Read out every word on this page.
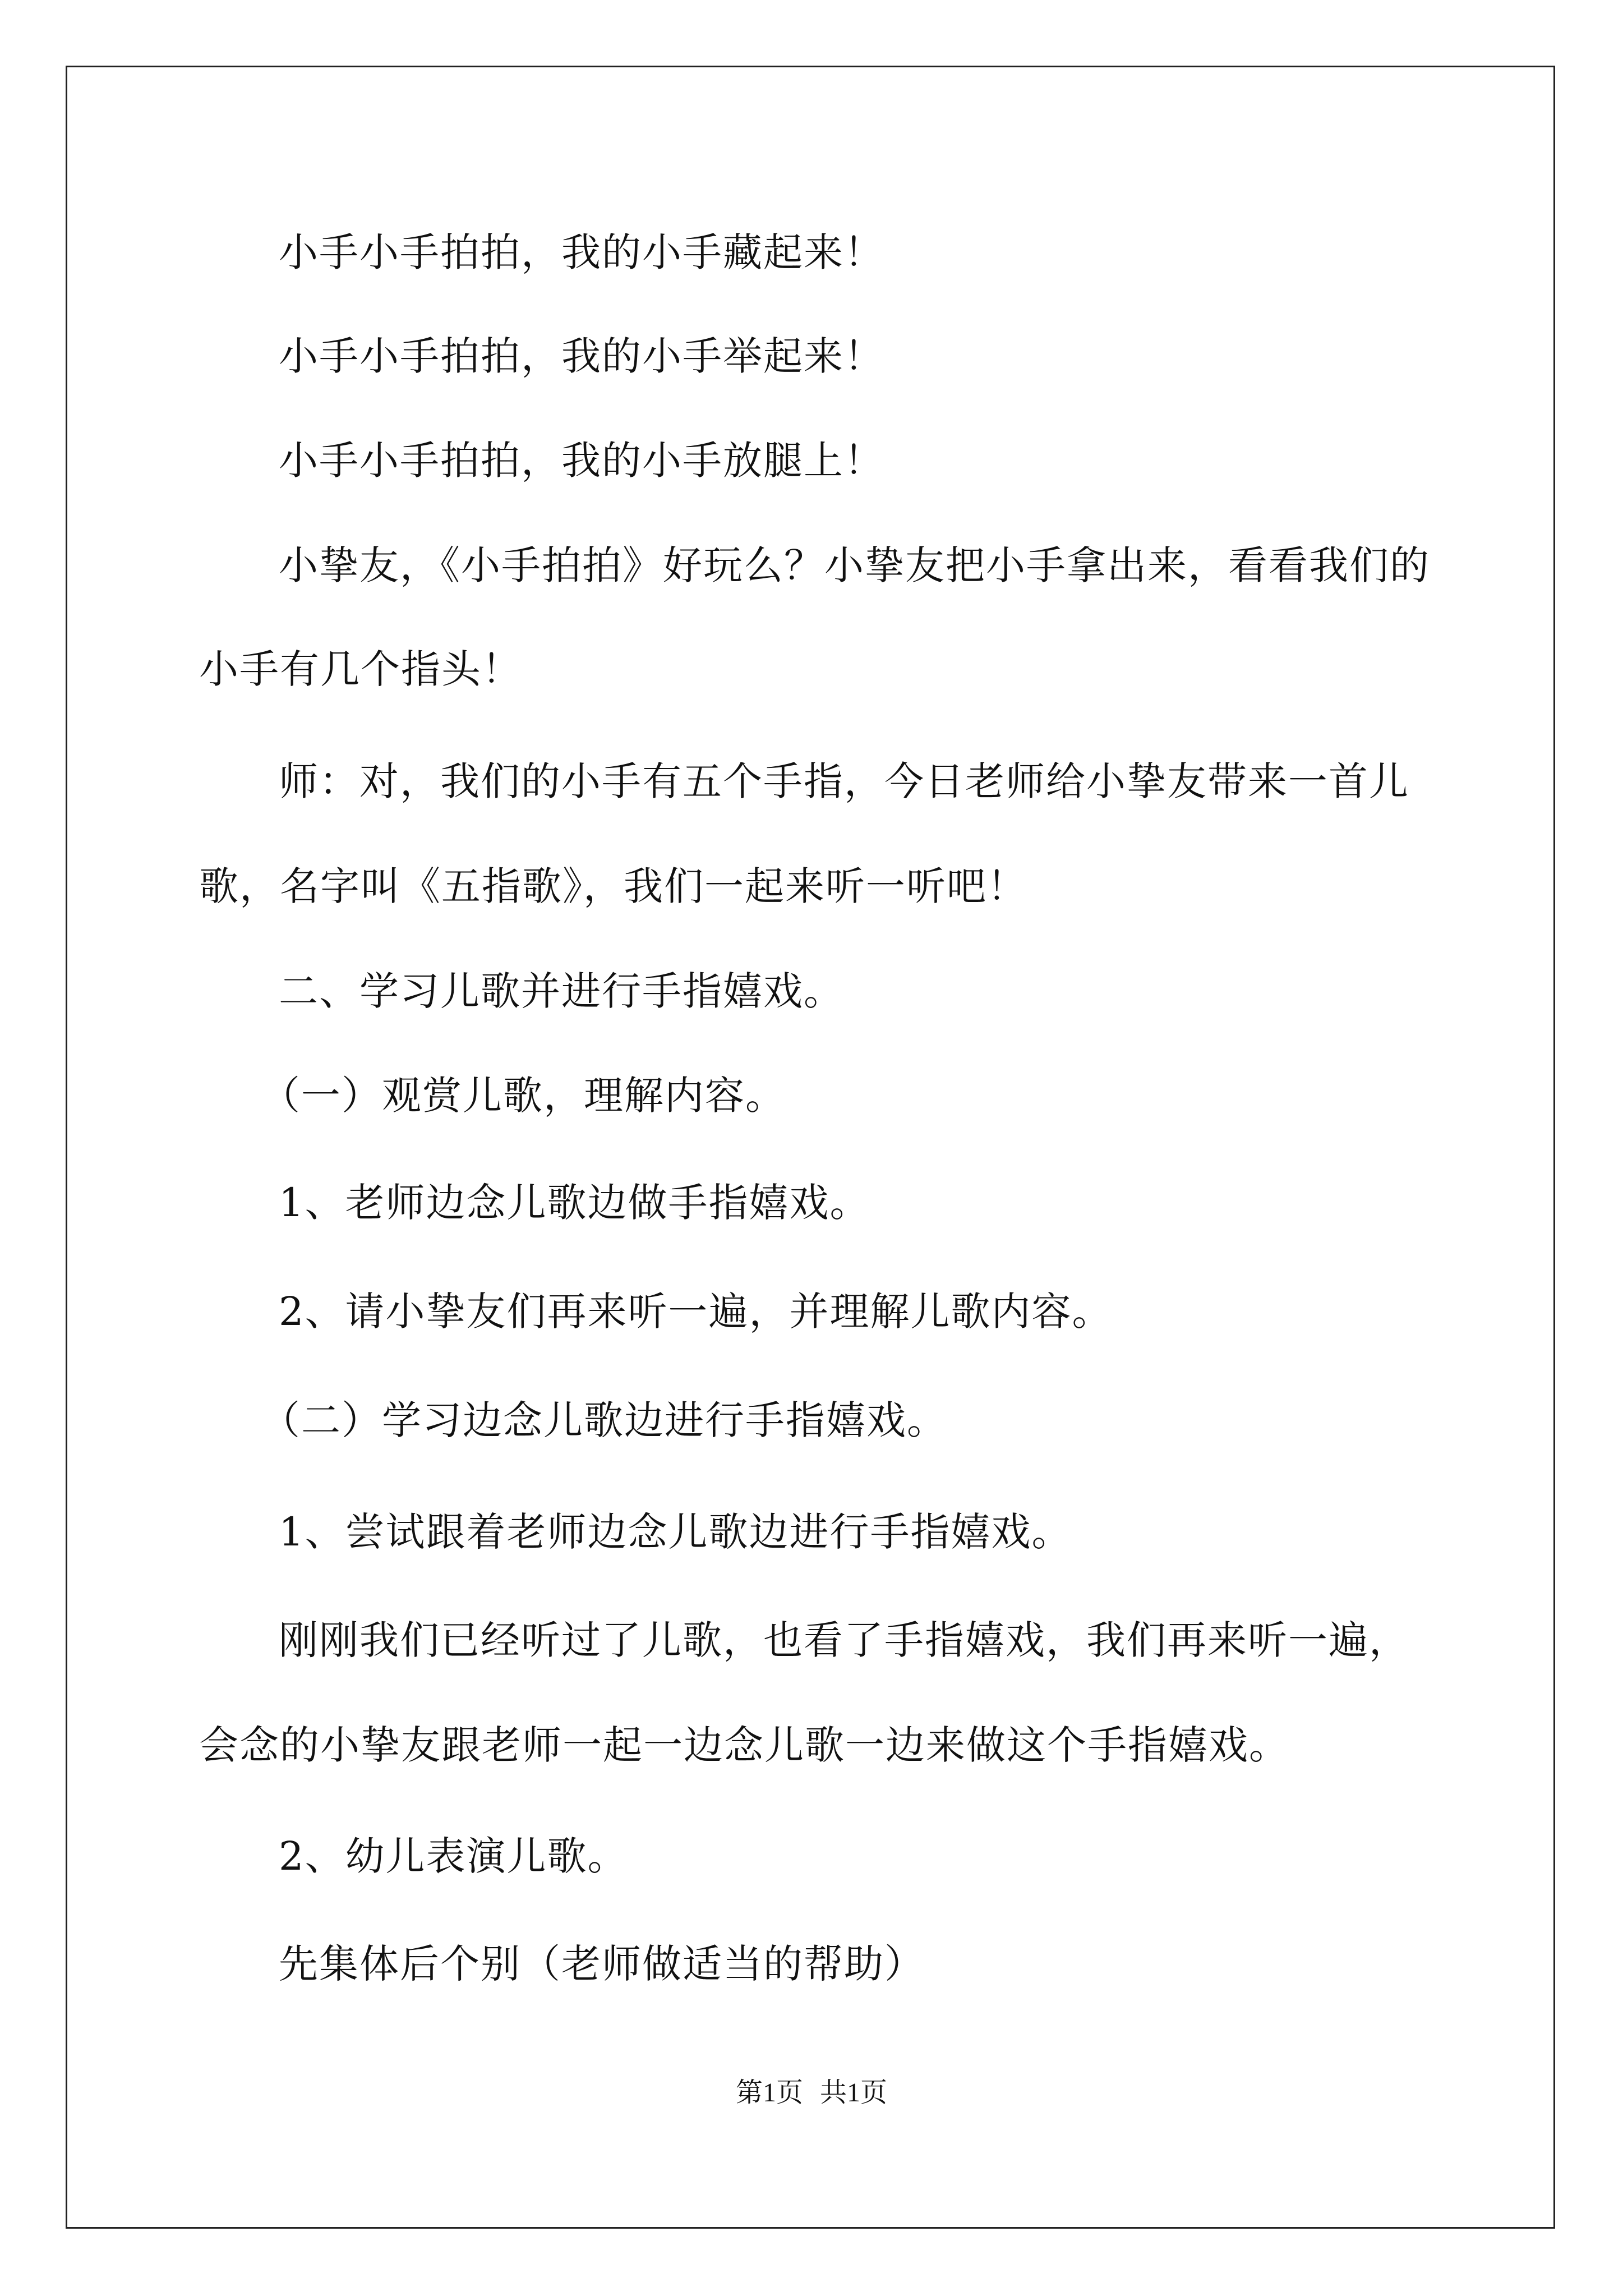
小手小手拍拍，我的小手藏起来！
小手小手拍拍，我的小手举起来！
小手小手拍拍，我的小手放腿上！
小挚友，《小手拍拍》好玩么？小挚友把小手拿出来，看看我们的
小手有几个指头！
师：对，我们的小手有五个手指，今日老师给小挚友带来一首儿
歌，名字叫《五指歌》，我们一起来听一听吧！
二、学习儿歌并进行手指嬉戏。
（一）观赏儿歌，理解内容。
1、老师边念儿歌边做手指嬉戏。
2、请小挚友们再来听一遍，并理解儿歌内容。
（二）学习边念儿歌边进行手指嬉戏。
1、尝试跟着老师边念儿歌边进行手指嬉戏。
刚刚我们已经听过了儿歌，也看了手指嬉戏，我们再来听一遍，
会念的小挚友跟老师一起一边念儿歌一边来做这个手指嬉戏。
2、幼儿表演儿歌。
先集体后个别（老师做适当的帮助）
第1页 共1页
